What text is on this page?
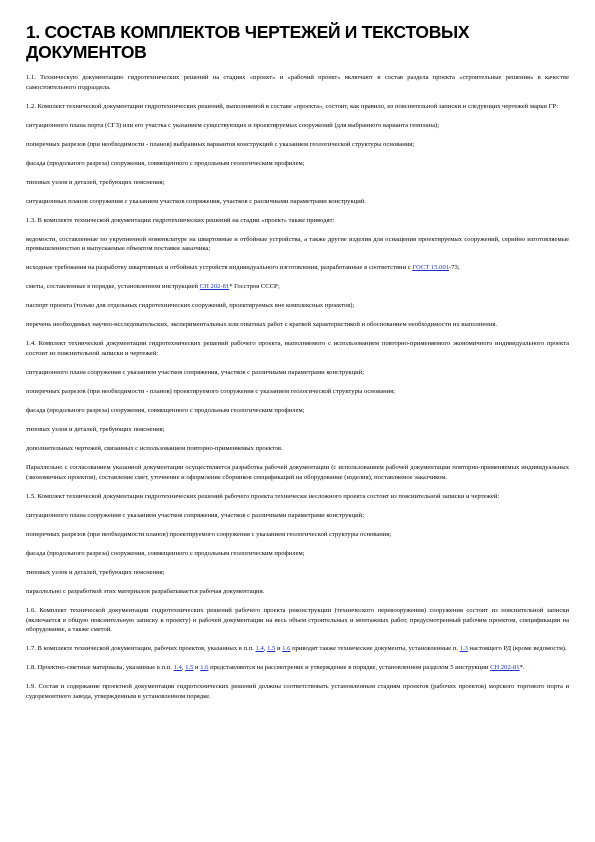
1. СОСТАВ КОМПЛЕКТОВ ЧЕРТЕЖЕЙ И ТЕКСТОВЫХ ДОКУМЕНТОВ
1.1. Техническую документацию гидротехнических решений на стадиях «проект» и «рабочий проект» включают в состав раздела проекта «строительные решения» в качестве самостоятельного подраздела.
1.2. Комплект технической документации гидротехнических решений, выполняемой в составе «проекта», состоит, как правило, из пояснительной записки и следующих чертежей марки ГР:
ситуационного плана порта (СГЗ) или его участка с указанием существующих и проектируемых сооружений (для выбранного варианта генплана);
поперечных разрезов (при необходимости - планов) выбранных вариантов конструкций с указанием геологической структуры основания;
фасада (продольного разреза) сооружения, совмещенного с продольным геологическим профилем;
типовых узлов и деталей, требующих пояснения;
ситуационных планов сооружения с указанием участков сопряжения, участков с различными параметрами конструкций.
1.3. В комплекте технической документации гидротехнических решений на стадии «проект» также приводят:
ведомости, составленные по укрупненной номенклатуре на швартовные и отбойные устройства, а также другие изделия для оснащения проектируемых сооружений, серийно изготовляемые промышленностью и выпускаемые объектом поставки заказчика;
исходные требования на разработку швартовных и отбойных устройств индивидуального изготовления, разработанные в соответствии с ГОСТ 15.001-73;
сметы, составленные в порядке, установленном инструкцией СН 202-81* Госстроя СССР;
паспорт проекта (только для отдельных гидротехнических сооружений, проектируемых вне комплексных проектов);
перечень необходимых научно-исследовательских, экспериментальных или опытных работ с краткой характеристикой и обоснованием необходимости их выполнения.
1.4. Комплект технической документации гидротехнических решений рабочего проекта, выполняемого с использованием повторно-применяемого экономичного индивидуального проекта состоит из пояснительной записки и чертежей:
ситуационного плана сооружения с указанием участков сопряжения, участков с различными параметрами конструкций;
поперечных разрезов (при необходимости - планов) проектируемого сооружения с указанием геологической структуры основания;
фасада (продольного разреза) сооружения, совмещенного с продольным геологическим профилем;
типовых узлов и деталей, требующих пояснения;
дополнительных чертежей, связанных с использованием повторно-применяемых проектов.
Параллельно с согласованием указанной документации осуществляется разработка рабочей документации (с использованием рабочей документации повторно-применяемых индивидуальных (экономичных проектов), составление смет, уточнение и оформление сборников спецификаций на оборудование (изделия), поставляемое заказчиком.
1.5. Комплект технической документации гидротехнических решений рабочего проекта технически несложного проекта состоит из пояснительной записки и чертежей:
ситуационного плана сооружения с указанием участков сопряжения, участков с различными параметрами конструкций;
поперечных разрезов (при необходимости планов) проектируемого сооружения с указанием геологической структуры основания;
фасада (продольного разреза) сооружения, совмещенного с продольным геологическим профилем;
типовых узлов и деталей, требующих пояснения;
параллельно с разработкой этих материалов разрабатывается рабочая документация.
1.6. Комплект технической документации гидротехнических решений рабочего проекта реконструкции (технического перевооружения) сооружения состоит из пояснительной записки (включается в общую пояснительную записку к проекту) и рабочей документации на весь объем строительных и монтажных работ, предусмотренный рабочим проектом, спецификации на оборудование, а также сметой.
1.7. В комплекте технической документации, рабочих проектов, указанных в п.п. 1.4, 1.5 и 1.6 приводят также технические документы, установленные п. 1.3 настоящего РД (кроме ведомости).
1.8. Проектно-сметные материалы, указанные в п.п. 1.4, 1.5 и 1.6 представляются на рассмотрение и утверждение в порядке, установленном разделом 5 инструкции СН 202-81*.
1.9. Состав и содержание проектной документации гидротехнических решений должны соответствовать установленным стадиям проектов (рабочих проектов) морского торгового порта и судоремонтного завода, утвержденным в установленном порядке.
